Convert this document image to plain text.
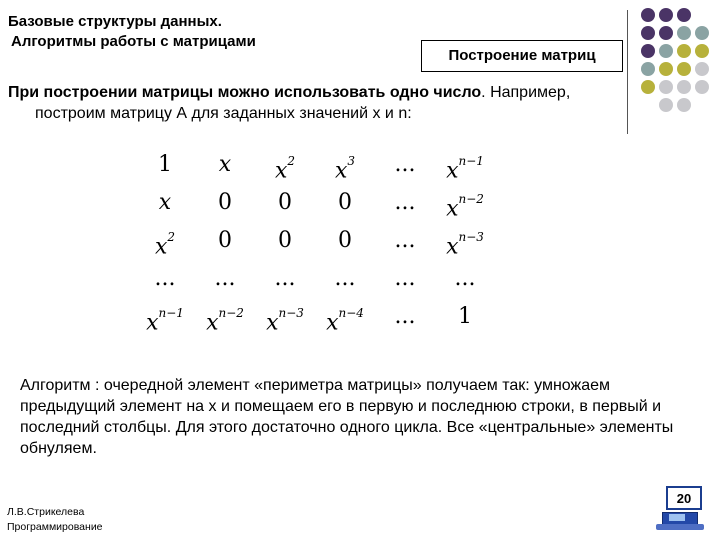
Базовые структуры данных.
Алгоритмы работы с матрицами
Построение матриц
При построении матрицы можно использовать одно число. Например,
построим матрицу А для заданных значений x и n:
1	x	$x^2$	$x^3$	...	$x^{n-1}$
x	0	0	0	...	$x^{n-2}$
$x^2$	0	0	0	...	$x^{n-3}$
...	...	...	...	...	...
$x^{n-1}$	$x^{n-2}$	$x^{n-3}$	$x^{n-4}$	...	1
Алгоритм : очередной элемент «периметра матрицы» получаем так: умножаем предыдущий элемент на x и помещаем его в первую и последнюю строки, в первый и последний столбцы. Для этого достаточно одного цикла. Все «центральные» элементы обнуляем.
Л.В.Стрикелева
Программирование
20
